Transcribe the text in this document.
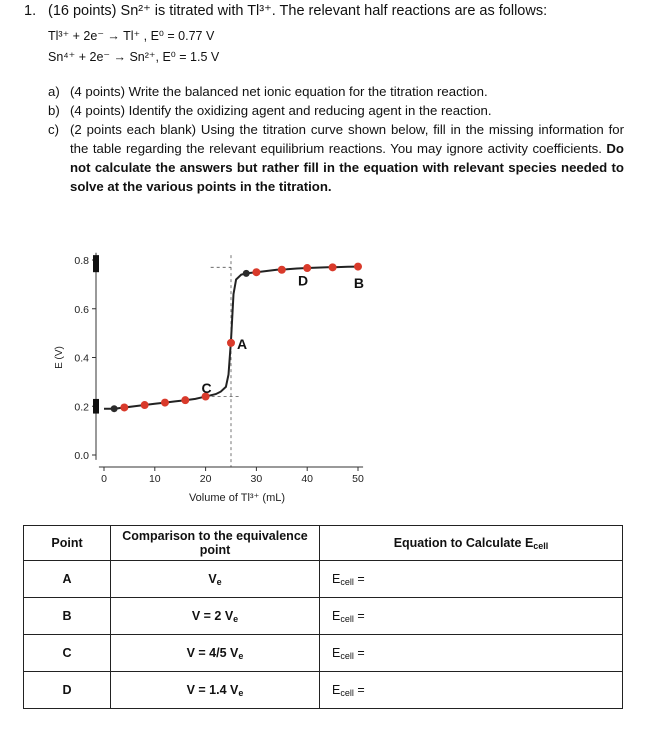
1. (16 points) Sn²⁺ is titrated with Tl³⁺. The relevant half reactions are as follows:
Tl³⁺ + 2e⁻ → Tl⁺ , E⁰ = 0.77 V
Sn⁴⁺ + 2e⁻ → Sn²⁺, E⁰ = 1.5 V
a) (4 points) Write the balanced net ionic equation for the titration reaction.
b) (4 points) Identify the oxidizing agent and reducing agent in the reaction.
c) (2 points each blank) Using the titration curve shown below, fill in the missing information for the table regarding the relevant equilibrium reactions. You may ignore activity coefficients. Do not calculate the answers but rather fill in the equation with relevant species needed to solve at the various points in the titration.
0.0
0.2
0.4
0.6
0.8
0	10	20	30	40	50
Volume of Tl³⁺ (mL)
E (V)
A
B
C
D
Point	Comparison to the equivalence point	Equation to Calculate Ecell
A	Ve	Ecell =
B	V = 2 Ve	Ecell =
C	V = 4/5 Ve	Ecell =
D	V = 1.4 Ve	Ecell =
